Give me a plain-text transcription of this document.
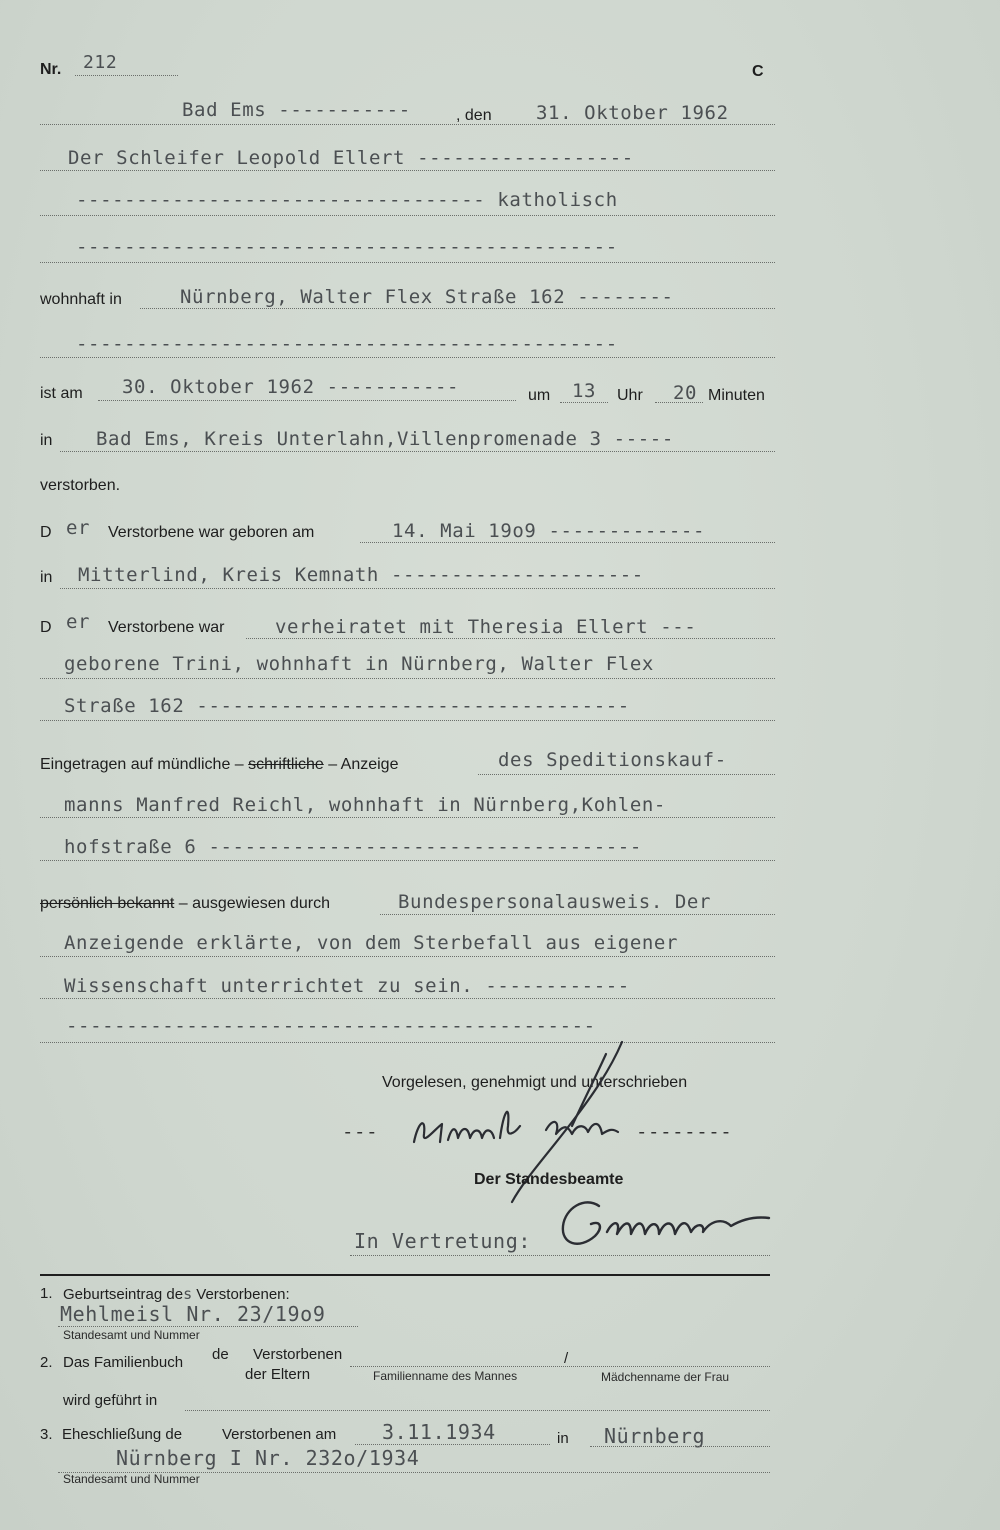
Nr. 212	C
Bad Ems -----------	, den 31. Oktober 1962
Der Schleifer Leopold Ellert ------------------
---------------------------------- katholisch
---------------------------------------------
wohnhaft in	Nürnberg, Walter Flex Straße 162 --------
---------------------------------------------
ist am 30. Oktober 1962 -----------	um 13 Uhr 20 Minuten
in Bad Ems, Kreis Unterlahn,Villenpromenade 3 -----
verstorben.
D er Verstorbene war geboren am	14. Mai 19o9 -------------
in Mitterlind, Kreis Kemnath ---------------------
D er Verstorbene war	verheiratet mit Theresia Ellert ---
geborene Trini, wohnhaft in Nürnberg, Walter Flex
Straße 162 ------------------------------------
Eingetragen auf mündliche – schriftliche – Anzeige	des Speditionskauf-
manns Manfred Reichl, wohnhaft in Nürnberg,Kohlen-
hofstraße 6 ------------------------------------
persönlich bekannt – ausgewiesen durch	Bundespersonalausweis. Der
Anzeigende erklärte, von dem Sterbefall aus eigener
Wissenschaft unterrichtet zu sein. ------------
--------------------------------------------
Vorgelesen, genehmigt und unterschrieben
---	--------
Manfred Reichl
Der Standesbeamte
In Vertretung:
Gemmer
1. Geburtseintrag des Verstorbenen:
Mehlmeisl Nr. 23/19o9
Standesamt und Nummer
2. Das Familienbuch de Verstorbenen
der Eltern	Familienname des Mannes
/
Mädchenname der Frau
wird geführt in
3. Eheschließung de	Verstorbenen am 3.11.1934	in Nürnberg
Nürnberg I Nr. 232o/1934
Standesamt und Nummer
